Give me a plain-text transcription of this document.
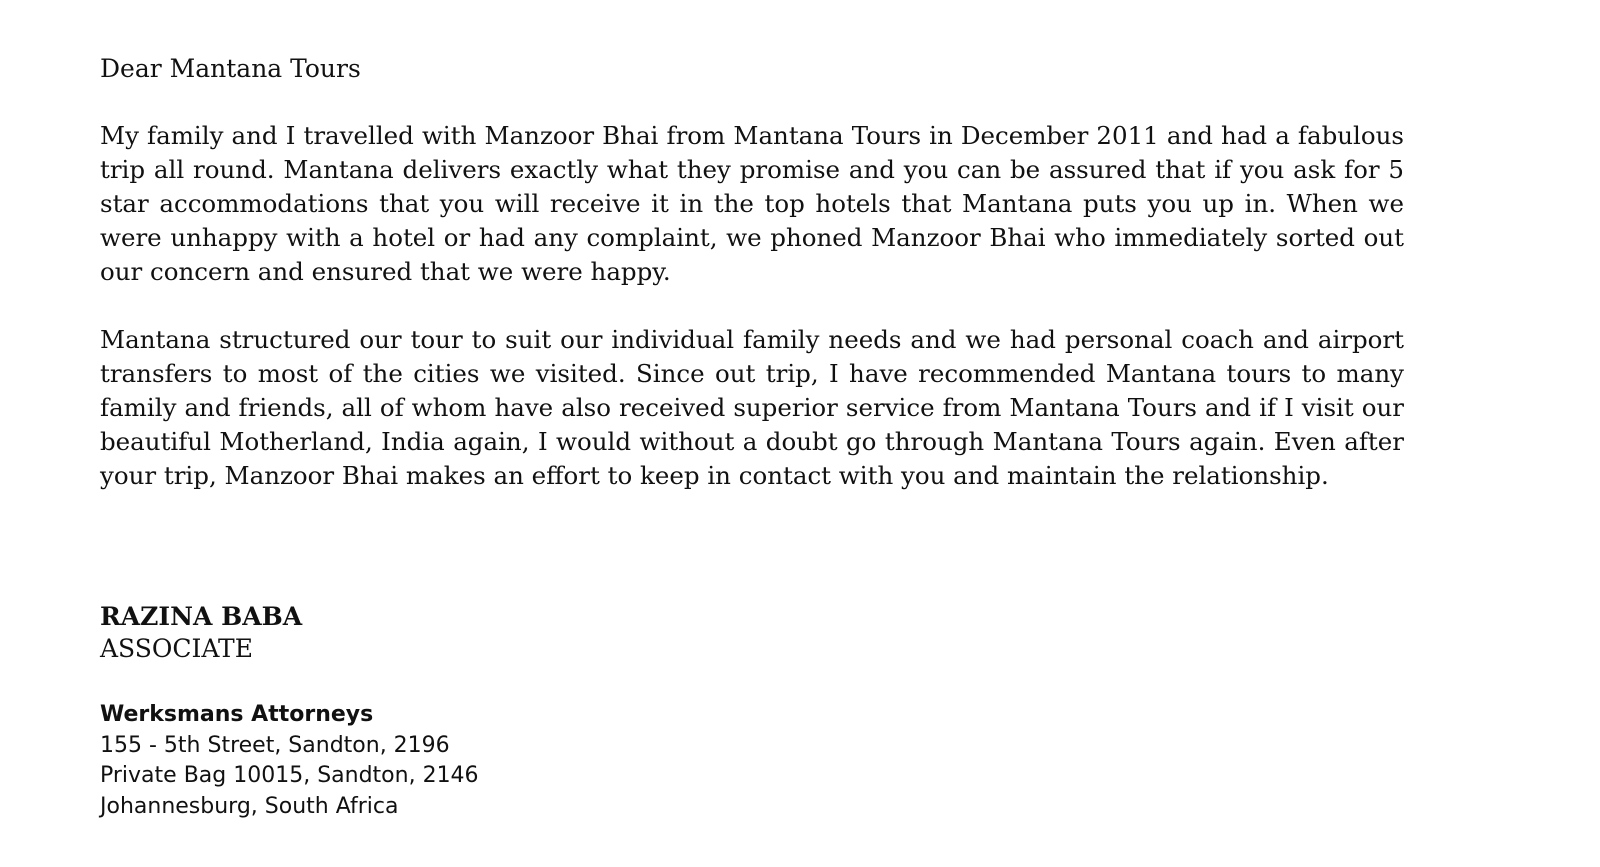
Dear Mantana Tours

My family and I travelled with Manzoor Bhai from Mantana Tours in December 2011 and had a fabulous trip all round. Mantana delivers exactly what they promise and you can be assured that if you ask for 5 star accommodations that you will receive it in the top hotels that Mantana puts you up in. When we were unhappy with a hotel or had any complaint, we phoned Manzoor Bhai who immediately sorted out our concern and ensured that we were happy.

Mantana structured our tour to suit our individual family needs and we had personal coach and airport transfers to most of the cities we visited. Since out trip, I have recommended Mantana tours to many family and friends, all of whom have also received superior service from Mantana Tours and if I visit our beautiful Motherland, India again, I would without a doubt go through Mantana Tours again. Even after your trip, Manzoor Bhai makes an effort to keep in contact with you and maintain the relationship.

RAZINA BABA

ASSOCIATE

Werksmans Attorneys

155 - 5th Street, Sandton, 2196

Private Bag 10015, Sandton, 2146

Johannesburg, South Africa
